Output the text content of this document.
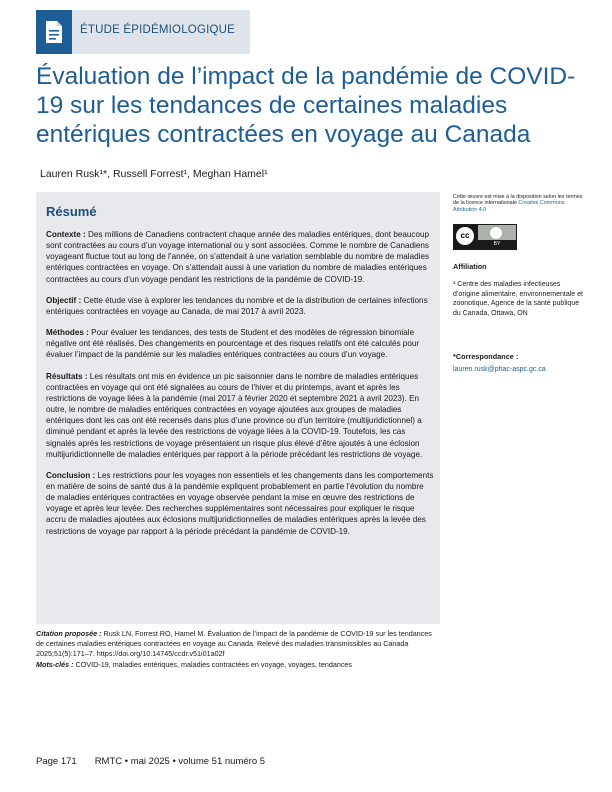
ÉTUDE ÉPIDÉMIOLOGIQUE
Évaluation de l’impact de la pandémie de COVID-19 sur les tendances de certaines maladies entériques contractées en voyage au Canada
Lauren Rusk¹*, Russell Forrest¹, Meghan Hamel¹
Résumé

Contexte : Des millions de Canadiens contractent chaque année des maladies entériques, dont beaucoup sont contractées au cours d’un voyage international ou y sont associées. Comme le nombre de Canadiens voyageant fluctue tout au long de l’année, on s’attendait à une variation semblable du nombre de maladies entériques contractées en voyage. On s’attendait aussi à une variation du nombre de maladies entériques contractées au cours d’un voyage pendant les restrictions de la pandémie de COVID-19.

Objectif : Cette étude vise à explorer les tendances du nombre et de la distribution de certaines infections entériques contractées en voyage au Canada, de mai 2017 à avril 2023.

Méthodes : Pour évaluer les tendances, des tests de Student et des modèles de régression binomiale négative ont été réalisés. Des changements en pourcentage et des risques relatifs ont été calculés pour évaluer l’impact de la pandémie sur les maladies entériques contractées au cours d’un voyage.

Résultats : Les résultats ont mis en évidence un pic saisonnier dans le nombre de maladies entériques contractées en voyage qui ont été signalées au cours de l’hiver et du printemps, avant et après les restrictions de voyage liées à la pandémie (mai 2017 à février 2020 et septembre 2021 à avril 2023). En outre, le nombre de maladies entériques contractées en voyage ajoutées aux groupes de maladies entériques dont les cas ont été recensés dans plus d’une province ou d’un territoire (multijuridictionnel) a diminué pendant et après la levée des restrictions de voyage liées à la COVID-19. Toutefois, les cas signalés après les restrictions de voyage présentaient un risque plus élevé d’être ajoutés à une éclosion multijuridictionnelle de maladies entériques par rapport à la période précédant les restrictions de voyage.

Conclusion : Les restrictions pour les voyages non essentiels et les changements dans les comportements en matière de soins de santé dus à la pandémie expliquent probablement en partie l’évolution du nombre de maladies entériques contractées en voyage observée pendant la mise en œuvre des restrictions de voyage et après leur levée. Des recherches supplémentaires sont nécessaires pour expliquer le risque accru de maladies ajoutées aux éclosions multijuridictionnelles de maladies entériques après la levée des restrictions de voyage par rapport à la période précédant la pandémie de COVID-19.

Citation proposée : Rusk LN, Forrest RO, Hamel M. Évaluation de l’impact de la pandémie de COVID-19 sur les tendances de certaines maladies entériques contractées en voyage au Canada. Relevé des maladies transmissibles au Canada 2025;51(5):171–7. https://doi.org/10.14745/ccdr.v51i01a02f

Mots-clés : COVID-19, maladies entériques, maladies contractées en voyage, voyages, tendances

Cette œuvre est mise à la disposition selon les termes de la licence internationale Creative Commons Attribution 4.0
cc
BY
Affiliation
¹ Centre des maladies infectieuses d’origine alimentaire, environnementale et zoonotique, Agence de la santé publique du Canada, Ottawa, ON
*Correspondance :
lauren.rusk@phac-aspc.gc.ca
Page 171 RMTC • mai 2025 • volume 51 numéro 5
